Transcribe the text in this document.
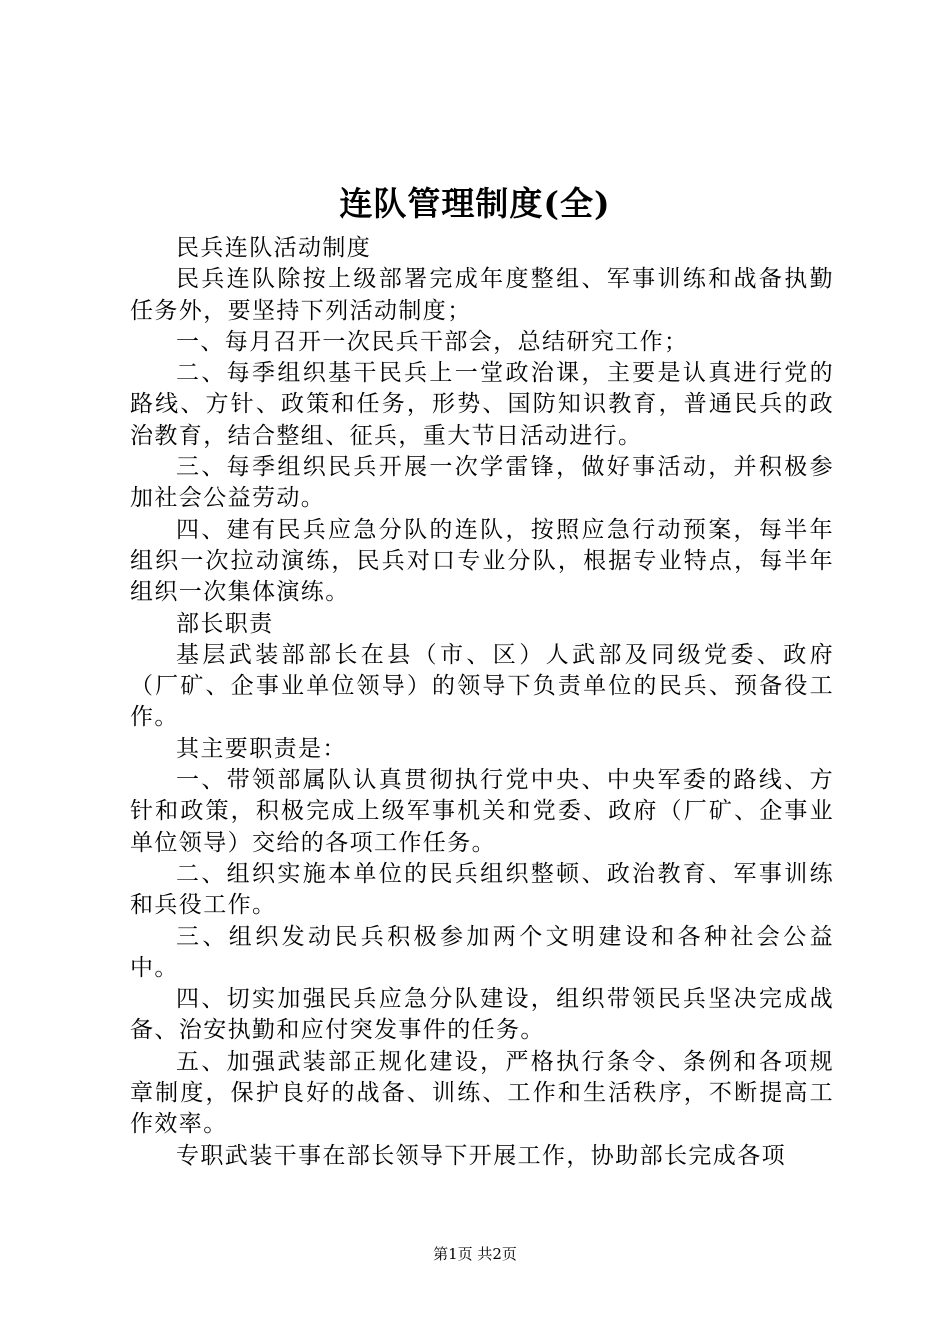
连队管理制度(全)

民兵连队活动制度

民兵连队除按上级部署完成年度整组、军事训练和战备执勤任务外，要坚持下列活动制度；

一、每月召开一次民兵干部会，总结研究工作；

二、每季组织基干民兵上一堂政治课，主要是认真进行党的路线、方针、政策和任务，形势、国防知识教育，普通民兵的政治教育，结合整组、征兵，重大节日活动进行。

三、每季组织民兵开展一次学雷锋，做好事活动，并积极参加社会公益劳动。

四、建有民兵应急分队的连队，按照应急行动预案，每半年组织一次拉动演练，民兵对口专业分队，根据专业特点，每半年组织一次集体演练。

部长职责

基层武装部部长在县（市、区）人武部及同级党委、政府（厂矿、企事业单位领导）的领导下负责单位的民兵、预备役工作。

其主要职责是：

一、带领部属队认真贯彻执行党中央、中央军委的路线、方针和政策，积极完成上级军事机关和党委、政府（厂矿、企事业单位领导）交给的各项工作任务。

二、组织实施本单位的民兵组织整顿、政治教育、军事训练和兵役工作。

三、组织发动民兵积极参加两个文明建设和各种社会公益中。

四、切实加强民兵应急分队建设，组织带领民兵坚决完成战备、治安执勤和应付突发事件的任务。

五、加强武装部正规化建设，严格执行条令、条例和各项规章制度，保护良好的战备、训练、工作和生活秩序，不断提高工作效率。

专职武装干事在部长领导下开展工作，协助部长完成各项

第1页 共2页
